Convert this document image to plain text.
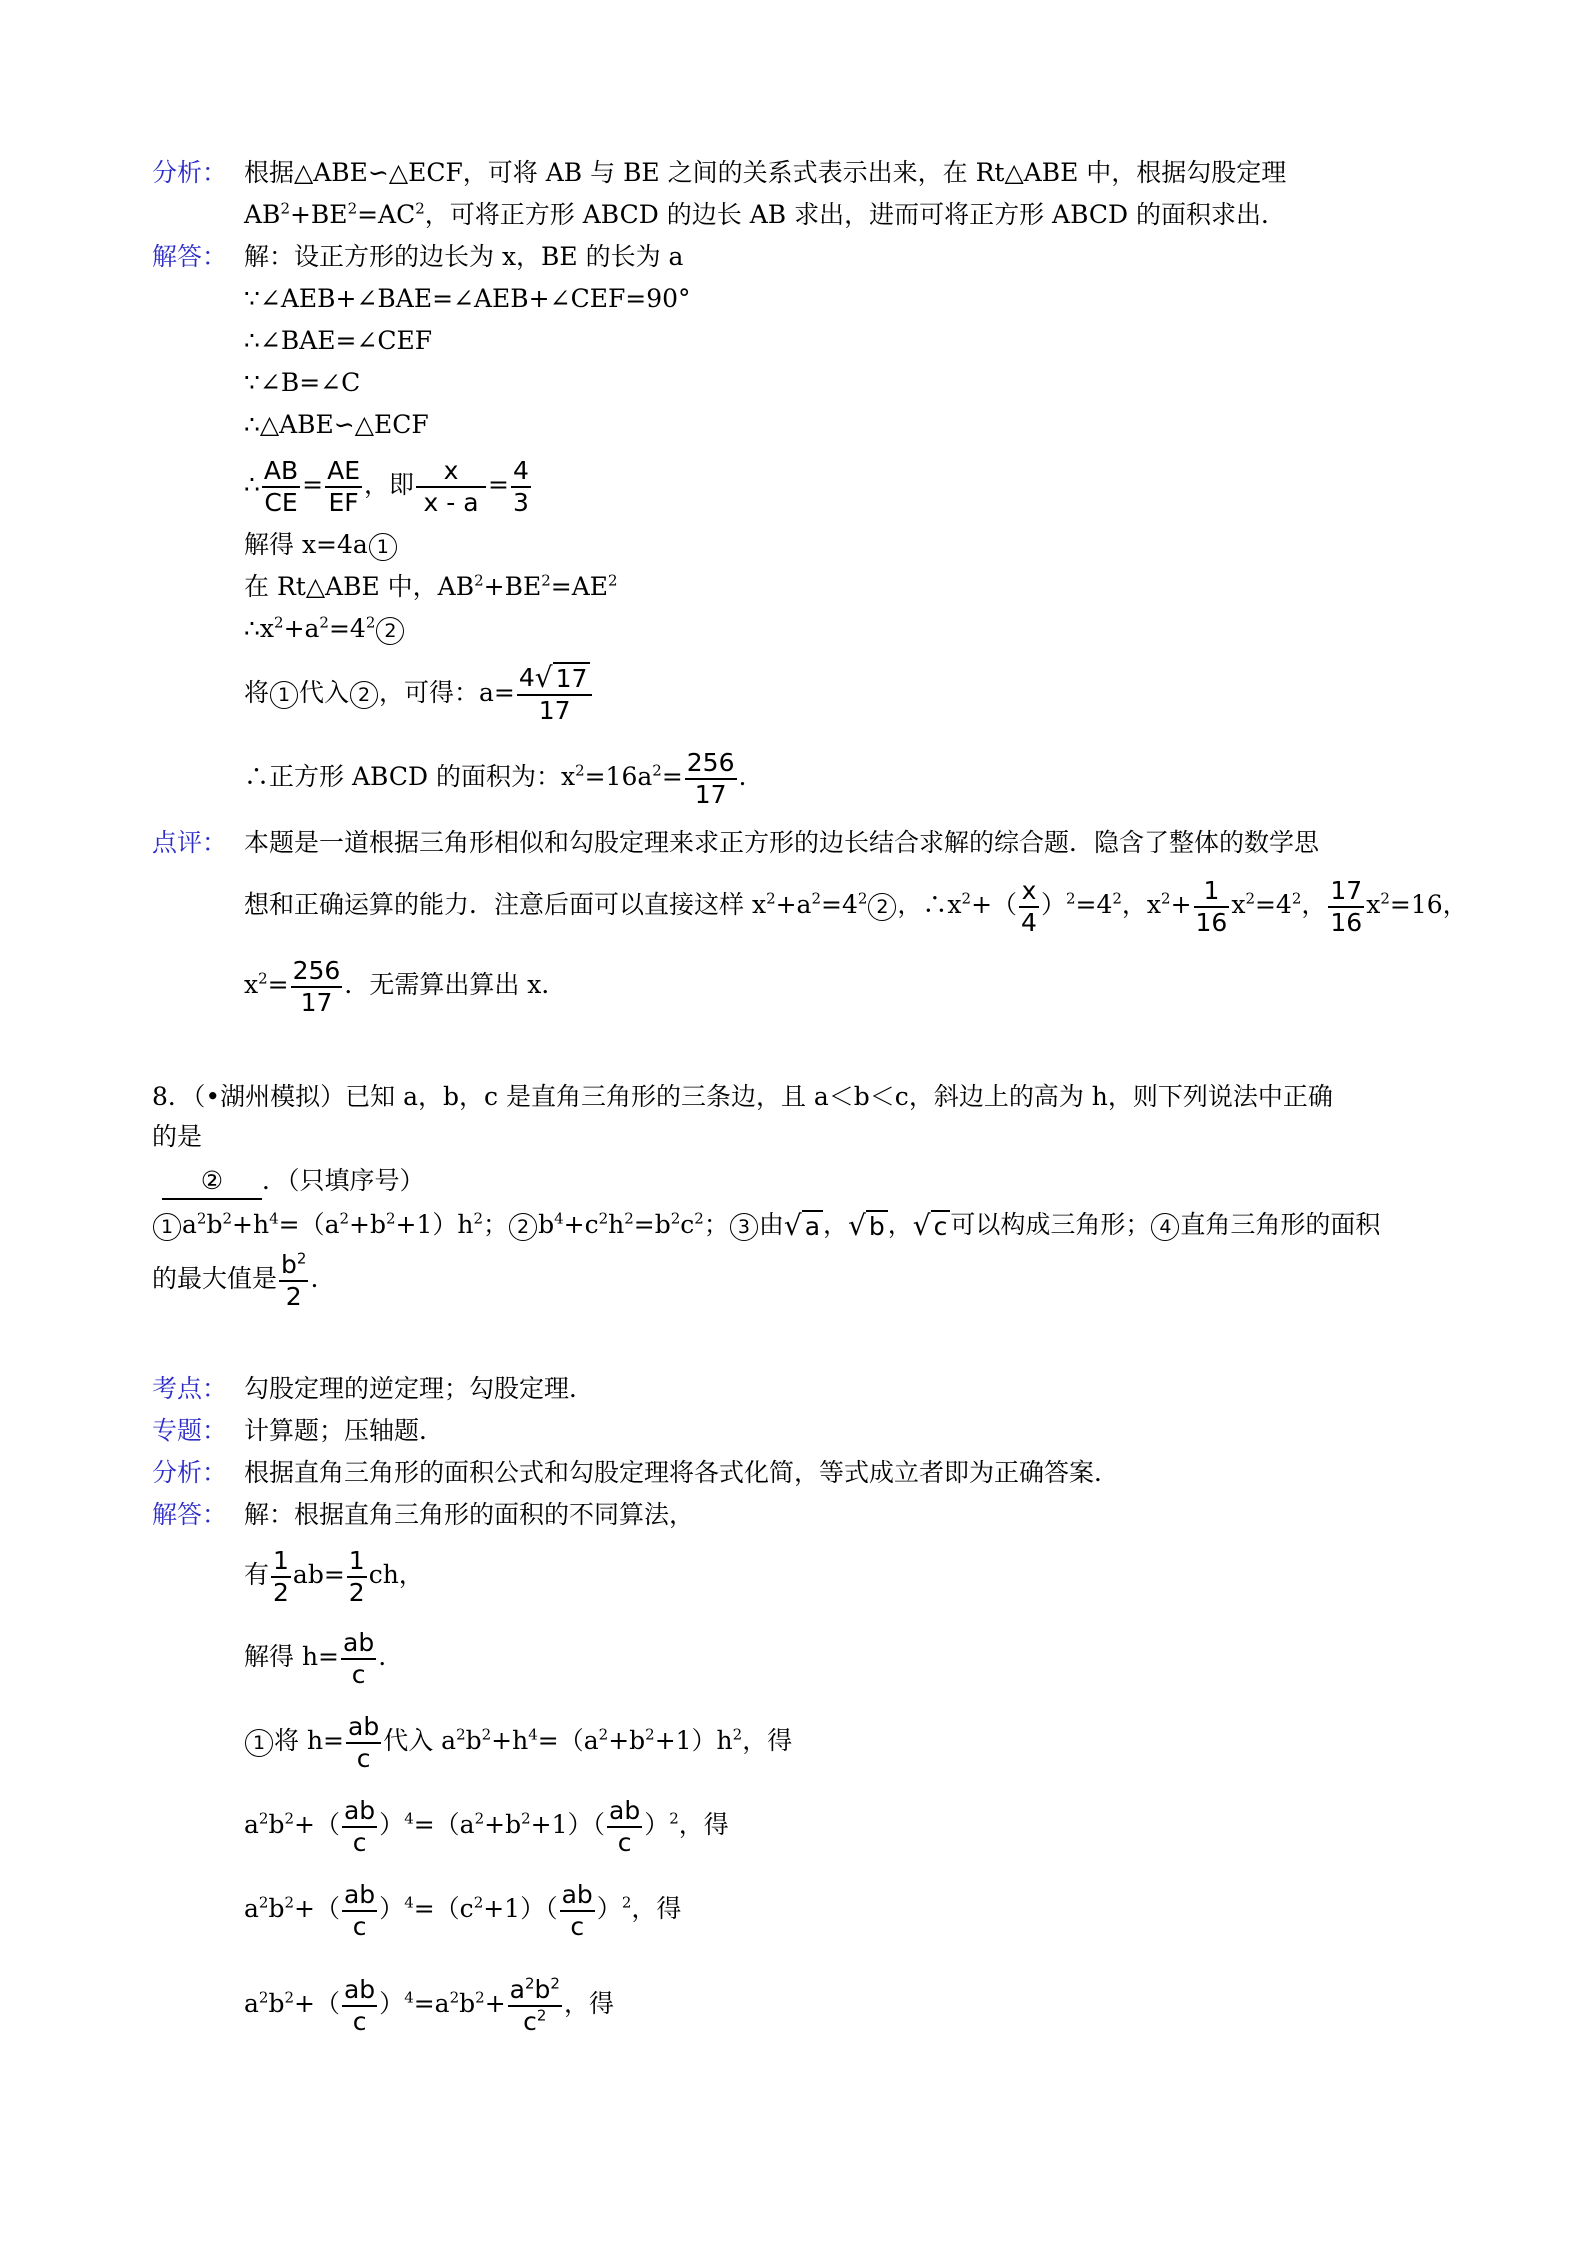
分析： 根据△ABE∽△ECF，可将 AB 与 BE 之间的关系式表示出来，在 Rt△ABE 中，根据勾股定理
$AB^2+BE^2=AC^2$，可将正方形 ABCD 的边长 AB 求出，进而可将正方形 ABCD 的面积求出．
解答： 解：设正方形的边长为 x，BE 的长为 a
∵∠AEB+∠BAE=∠AEB+∠CEF=90°
∴∠BAE=∠CEF
∵∠B=∠C
∴△ABE∽△ECF
∴ $\frac{AB}{CE} = \frac{AE}{EF}$ ，即 $\frac{x}{x - a} = \frac{4}{3}$
解得 x=4a 1
在 Rt△ABE 中，$AB^2+BE^2=AE^2$
$\therefore x^2+a^2=4^2$ 2
将 1 代入 2 ，可得：$a= \frac{4√ 17}{17}$
∴正方形 ABCD 的面积为：$x^2=16a^2= \frac{256}{17}$ .
点评： 本题是一道根据三角形相似和勾股定理来求正方形的边长结合求解的综合题．隐含了整体的数学思
想和正确运算的能力．注意后面可以直接这样 $x^2+a^2=4^2$ 2 ，$\therefore x^2+( \frac{x}{4} )^2=4^2$，$x^2+ \frac{1}{16} x^2=4^2$， $\frac{17}{16} x^2=16$，
$x^2= \frac{256}{17}$ ．无需算出算出 x．
8．（•湖州模拟）已知 a，b，c 是直角三角形的三条边，且 a＜b＜c，斜边上的高为 h，则下列说法中正确
的是
② ．（只填序号）
1 $a^2b^2+h^4=(a^2+b^2+1)h^2$； 2 $b^4+c^2h^2=b^2c^2$； 3 由√ a ，√ b ，√ c 可以构成三角形； 4 直角三角形的面积
的最大值是 $\frac{b^2}{2}$ .
考点： 勾股定理的逆定理；勾股定理．
专题： 计算题；压轴题．
分析： 根据直角三角形的面积公式和勾股定理将各式化简，等式成立者即为正确答案．
解答： 解：根据直角三角形的面积的不同算法，
有 $\frac{1}{2} ab= \frac{1}{2}$ ch，
解得 $h= \frac{ab}{c}$ .
1 将 $h= \frac{ab}{c}$ 代入 $a^2b^2+h^4=(a^2+b^2+1)h^2$，得
$a^2b^2+( \frac{ab}{c} )^4=(a^2+b^2+1)( \frac{ab}{c} )^2$，得
$a^2b^2+( \frac{ab}{c} )^4=(c^2+1)( \frac{ab}{c} )^2$，得
$a^2b^2+( \frac{ab}{c} )^4=a^2b^2+ \frac{a^2b^2}{c^2}$ ，得
